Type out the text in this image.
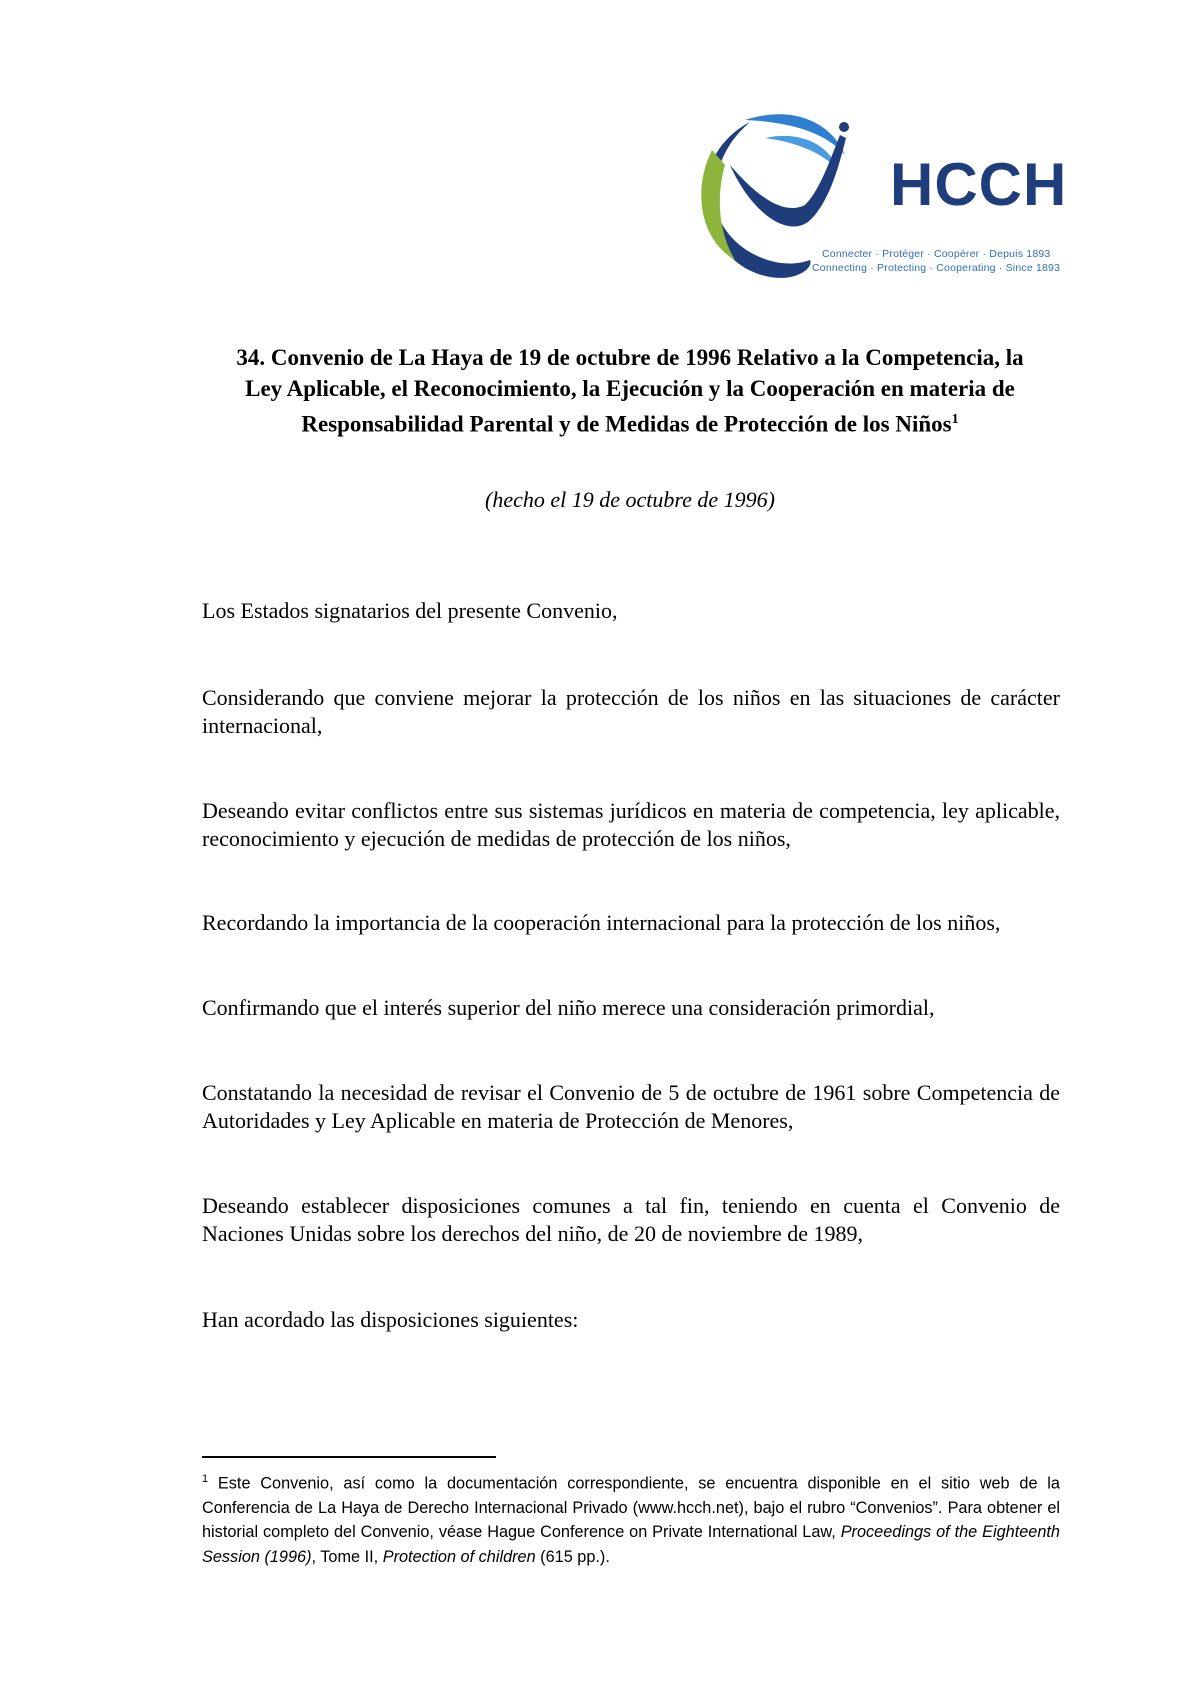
HCCH
Connecter · Protéger · Coopérer · Depuis 1893
Connecting · Protecting · Cooperating · Since 1893
34. Convenio de La Haya de 19 de octubre de 1996 Relativo a la Competencia, la
Ley Aplicable, el Reconocimiento, la Ejecución y la Cooperación en materia de
Responsabilidad Parental y de Medidas de Protección de los Niños$^1$
(hecho el 19 de octubre de 1996)
Los Estados signatarios del presente Convenio,
Considerando que conviene mejorar la protección de los niños en las situaciones de carácter internacional,
Deseando evitar conflictos entre sus sistemas jurídicos en materia de competencia, ley aplicable, reconocimiento y ejecución de medidas de protección de los niños,
Recordando la importancia de la cooperación internacional para la protección de los niños,
Confirmando que el interés superior del niño merece una consideración primordial,
Constatando la necesidad de revisar el Convenio de 5 de octubre de 1961 sobre Competencia de Autoridades y Ley Aplicable en materia de Protección de Menores,
Deseando establecer disposiciones comunes a tal fin, teniendo en cuenta el Convenio de Naciones Unidas sobre los derechos del niño, de 20 de noviembre de 1989,
Han acordado las disposiciones siguientes:
$^1$ Este Convenio, así como la documentación correspondiente, se encuentra disponible en el sitio web de la Conferencia de La Haya de Derecho Internacional Privado (www.hcch.net), bajo el rubro “Convenios”. Para obtener el historial completo del Convenio, véase Hague Conference on Private International Law, Proceedings of the Eighteenth Session (1996), Tome II, Protection of children (615 pp.).
